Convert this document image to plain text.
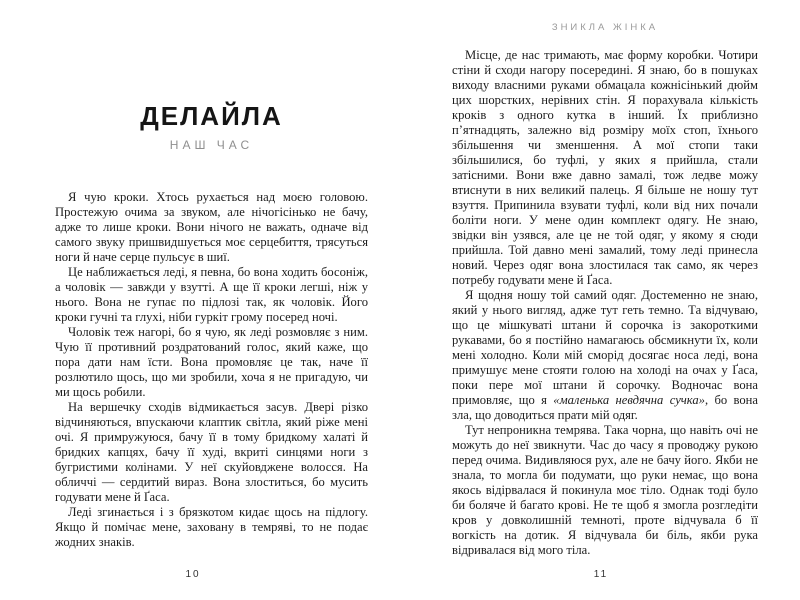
ДЕЛАЙЛА
НАШ ЧАС

Я чую кроки. Хтось рухається над моєю головою. Простежую очима за звуком, але нічогісінько не бачу, адже то лише кроки. Вони нічого не важать, одначе від самого звуку пришвидшується моє серцебиття, трясуться ноги й наче серце пульсує в шиї.

Це наближається леді, я певна, бо вона ходить босоніж, а чоловік — завжди у взутті. А ще її кроки легші, ніж у нього. Вона не гупає по підлозі так, як чоловік. Його кроки гучні та глухі, ніби гуркіт грому посеред ночі.

Чоловік теж нагорі, бо я чую, як леді розмовляє з ним. Чую її противний роздратований голос, який каже, що пора дати нам їсти. Вона промовляє це так, наче її розлютило щось, що ми зробили, хоча я не пригадую, чи ми щось робили.

На вершечку сходів відмикається засув. Двері різко відчиняються, впускаючи клаптик світла, який ріже мені очі. Я примружуюся, бачу її в тому бридкому халаті й бридких капцях, бачу її худі, вкриті синцями ноги з бугристими колінами. У неї скуйовджене волосся. На обличчі — сердитий вираз. Вона злоститься, бо мусить годувати мене й Ґаса.

Леді згинається і з брязкотом кидає щось на підлогу. Якщо й помічає мене, заховану в темряві, то не подає жодних знаків.

10
ЗНИКЛА ЖІНКА

Місце, де нас тримають, має форму коробки. Чотири стіни й сходи нагору посередині. Я знаю, бо в пошуках виходу власними руками обмацала кожнісінький дюйм цих шорстких, нерівних стін. Я порахувала кількість кроків з одного кутка в інший. Їх приблизно п’ятнадцять, залежно від розміру моїх стоп, їхнього збільшення чи зменшення. А мої стопи таки збільшилися, бо туфлі, у яких я прийшла, стали затісними. Вони вже давно замалі, тож ледве можу втиснути в них великий палець. Я більше не ношу тут взуття. Припинила взувати туфлі, коли від них почали боліти ноги. У мене один комплект одягу. Не знаю, звідки він узявся, але це не той одяг, у якому я сюди прийшла. Той давно мені замалий, тому леді принесла новий. Через одяг вона злостилася так само, як через потребу годувати мене й Ґаса.

Я щодня ношу той самий одяг. Достеменно не знаю, який у нього вигляд, адже тут геть темно. Та відчуваю, що це мішкуваті штани й сорочка із закороткими рукавами, бо я постійно намагаюсь обсмикнути їх, коли мені холодно. Коли мій сморід досягає носа леді, вона примушує мене стояти голою на холоді на очах у Ґаса, поки пере мої штани й сорочку. Водночас вона примовляє, що я «маленька невдячна сучка», бо вона зла, що доводиться прати мій одяг.

Тут непроникна темрява. Така чорна, що навіть очі не можуть до неї звикнути. Час до часу я проводжу рукою перед очима. Видивляюся рух, але не бачу його. Якби не знала, то могла би подумати, що руки немає, що вона якось відірвалася й покинула моє тіло. Однак тоді було би боляче й багато крові. Не те щоб я змогла розгледіти кров у довколишній темноті, проте відчувала б її вогкість на дотик. Я відчувала би біль, якби рука відривалася від мого тіла.

11
